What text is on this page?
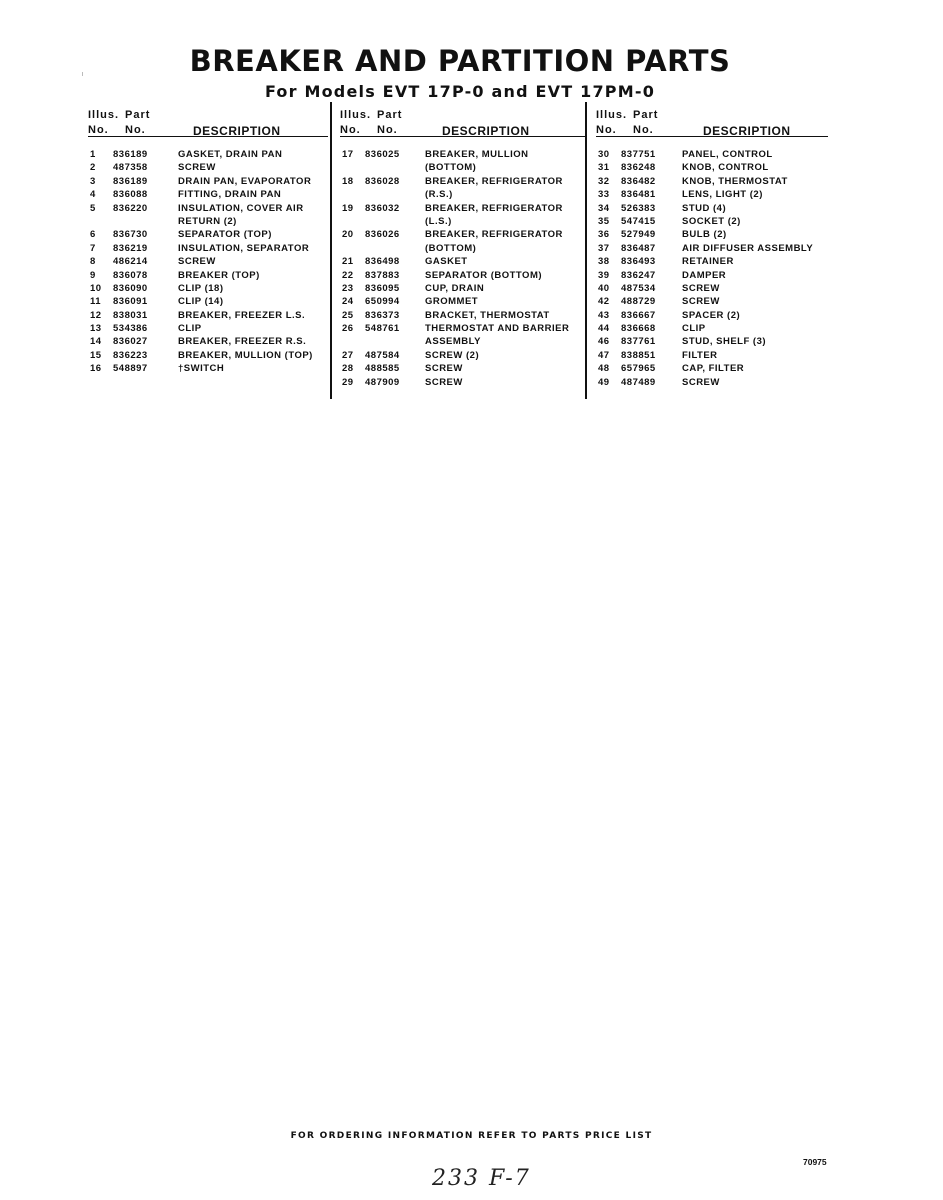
BREAKER AND PARTITION PARTS
For Models EVT 17P-0 and EVT 17PM-0
Illus. Part
No. No.	DESCRIPTION
1 836189	GASKET, DRAIN PAN
2 487358	SCREW
3 836189	DRAIN PAN, EVAPORATOR
4 836088	FITTING, DRAIN PAN
5 836220	INSULATION, COVER AIR
RETURN (2)
6 836730	SEPARATOR (TOP)
7 836219	INSULATION, SEPARATOR
8 486214	SCREW
9 836078	BREAKER (TOP)
10 836090	CLIP (18)
11 836091	CLIP (14)
12 838031	BREAKER, FREEZER L.S.
13 534386	CLIP
14 836027	BREAKER, FREEZER R.S.
15 836223	BREAKER, MULLION (TOP)
16 548897	†SWITCH
Illus. Part
No. No.	DESCRIPTION
17 836025	BREAKER, MULLION
(BOTTOM)
18 836028	BREAKER, REFRIGERATOR
(R.S.)
19 836032	BREAKER, REFRIGERATOR
(L.S.)
20 836026	BREAKER, REFRIGERATOR
(BOTTOM)
21 836498	GASKET
22 837883	SEPARATOR (BOTTOM)
23 836095	CUP, DRAIN
24 650994	GROMMET
25 836373	BRACKET, THERMOSTAT
26 548761	THERMOSTAT AND BARRIER
ASSEMBLY
27 487584	SCREW (2)
28 488585	SCREW
29 487909	SCREW
Illus. Part
No. No.	DESCRIPTION
30 837751	PANEL, CONTROL
31 836248	KNOB, CONTROL
32 836482	KNOB, THERMOSTAT
33 836481	LENS, LIGHT (2)
34 526383	STUD (4)
35 547415	SOCKET (2)
36 527949	BULB (2)
37 836487	AIR DIFFUSER ASSEMBLY
38 836493	RETAINER
39 836247	DAMPER
40 487534	SCREW
42 488729	SCREW
43 836667	SPACER (2)
44 836668	CLIP
46 837761	STUD, SHELF (3)
47 838851	FILTER
48 657965	CAP, FILTER
49 487489	SCREW
FOR ORDERING INFORMATION REFER TO PARTS PRICE LIST
70975
233 F-7
